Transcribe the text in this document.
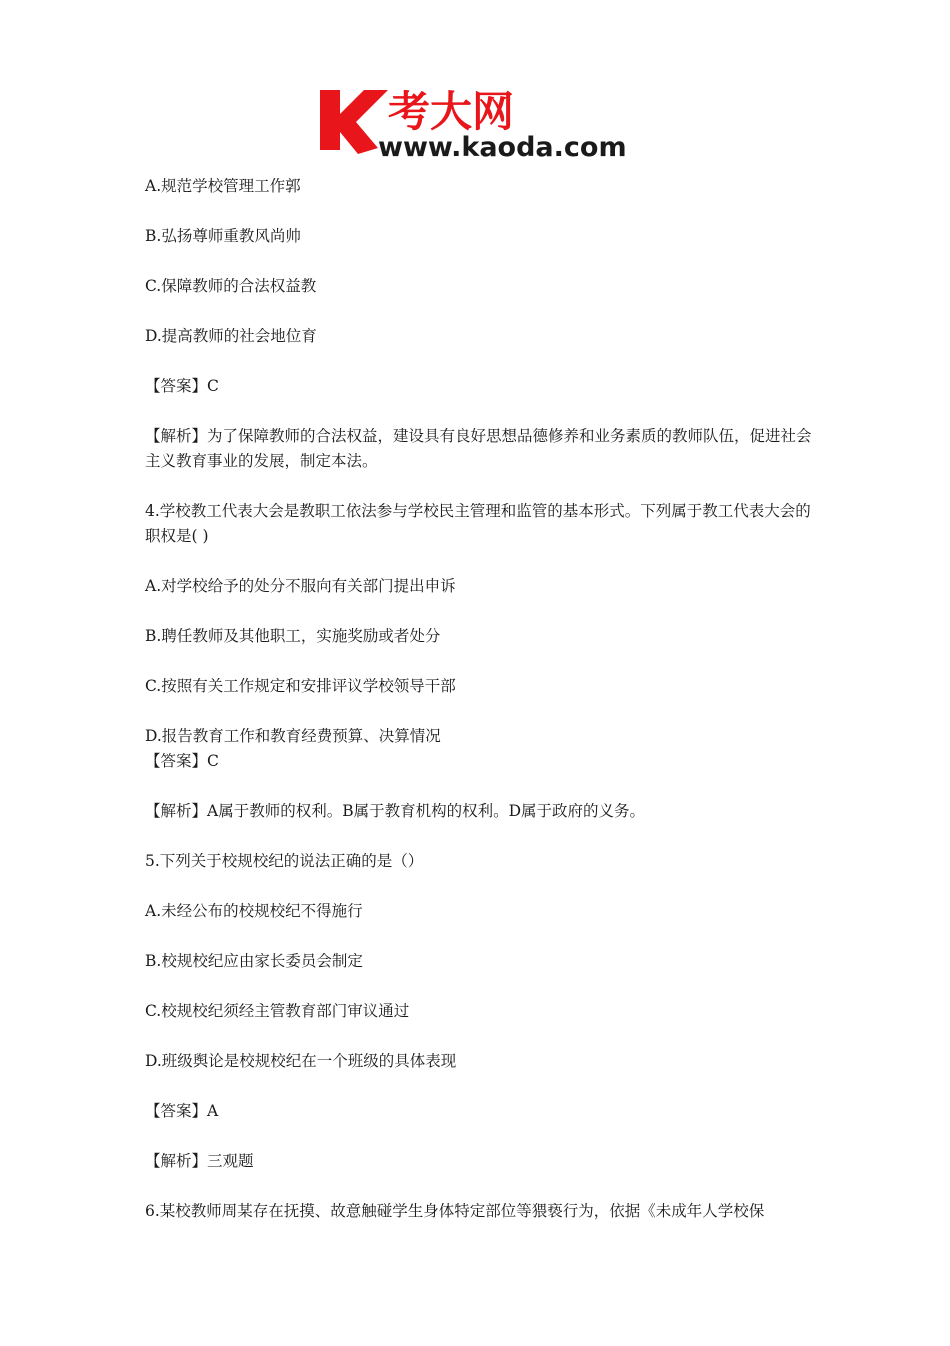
考大网
www.kaoda.com

A.规范学校管理工作郭

B.弘扬尊师重教风尚帅

C.保障教师的合法权益教

D.提高教师的社会地位育

【答案】C

【解析】为了保障教师的合法权益，建设具有良好思想品德修养和业务素质的教师队伍，促进社会主义教育事业的发展，制定本法。

4.学校教工代表大会是教职工依法参与学校民主管理和监管的基本形式。下列属于教工代表大会的职权是( )

A.对学校给予的处分不服向有关部门提出申诉

B.聘任教师及其他职工，实施奖励或者处分

C.按照有关工作规定和安排评议学校领导干部

D.报告教育工作和教育经费预算、决算情况

【答案】C

【解析】A属于教师的权利。B属于教育机构的权利。D属于政府的义务。

5.下列关于校规校纪的说法正确的是（）

A.未经公布的校规校纪不得施行

B.校规校纪应由家长委员会制定

C.校规校纪须经主管教育部门审议通过

D.班级舆论是校规校纪在一个班级的具体表现

【答案】A

【解析】三观题

6.某校教师周某存在抚摸、故意触碰学生身体特定部位等猥亵行为，依据《未成年人学校保
